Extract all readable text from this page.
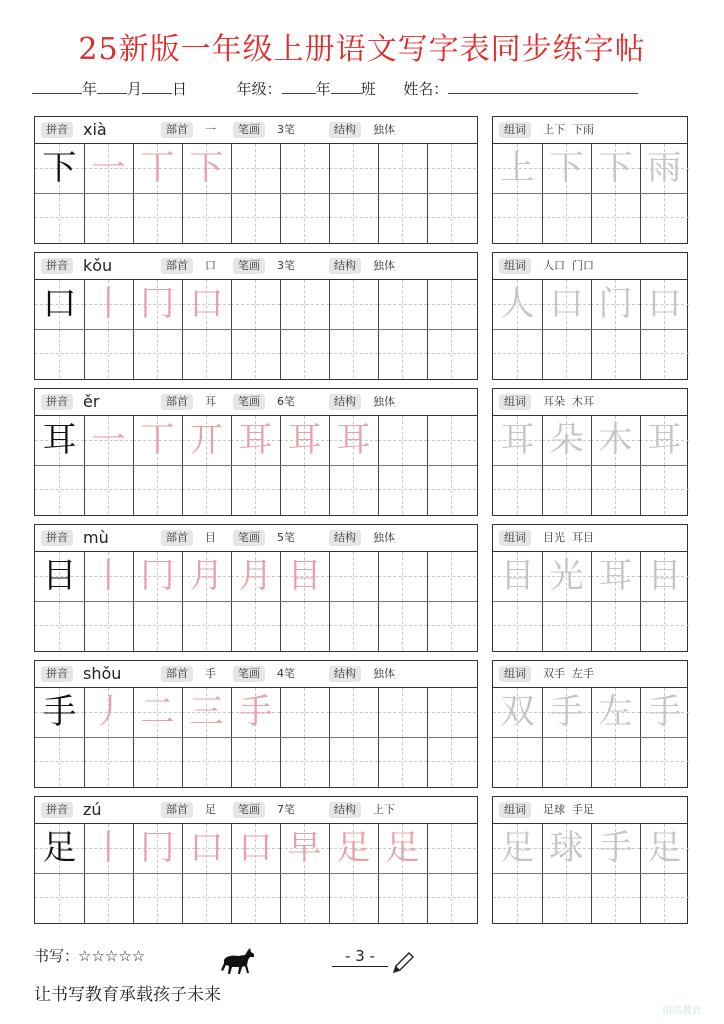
25新版一年级上册语文写字表同步练字帖
年 月 日	年级： 年 班 姓名：
拼音 xià	部首	一	笔画	3笔	结构	独体
下 一 丅 下
组词	上下  下雨
上 下 下 雨
拼音 kǒu	部首	口	笔画	3笔	结构	独体
口 丨 冂 口
组词	人口  门口
人 口 门 口
拼音 ěr	部首	耳	笔画	6笔	结构	独体
耳 一 丅 丌 耳 耳 耳
组词	耳朵  木耳
耳 朵 木 耳
拼音 mù	部首	目	笔画	5笔	结构	独体
目 丨 冂 月 月 目
组词	目光  耳目
目 光 耳 目
拼音 shǒu	部首	手	笔画	4笔	结构	独体
手 丿 二 三 手
组词	双手  左手
双 手 左 手
拼音 zú	部首	足	笔画	7笔	结构	上下
足 丨 冂 口 口 早 足 足
组词	足球  手足
足 球 手 足
书写：
☆☆☆☆☆	- 3 -
让书写教育承载孩子未来
榕高教育
